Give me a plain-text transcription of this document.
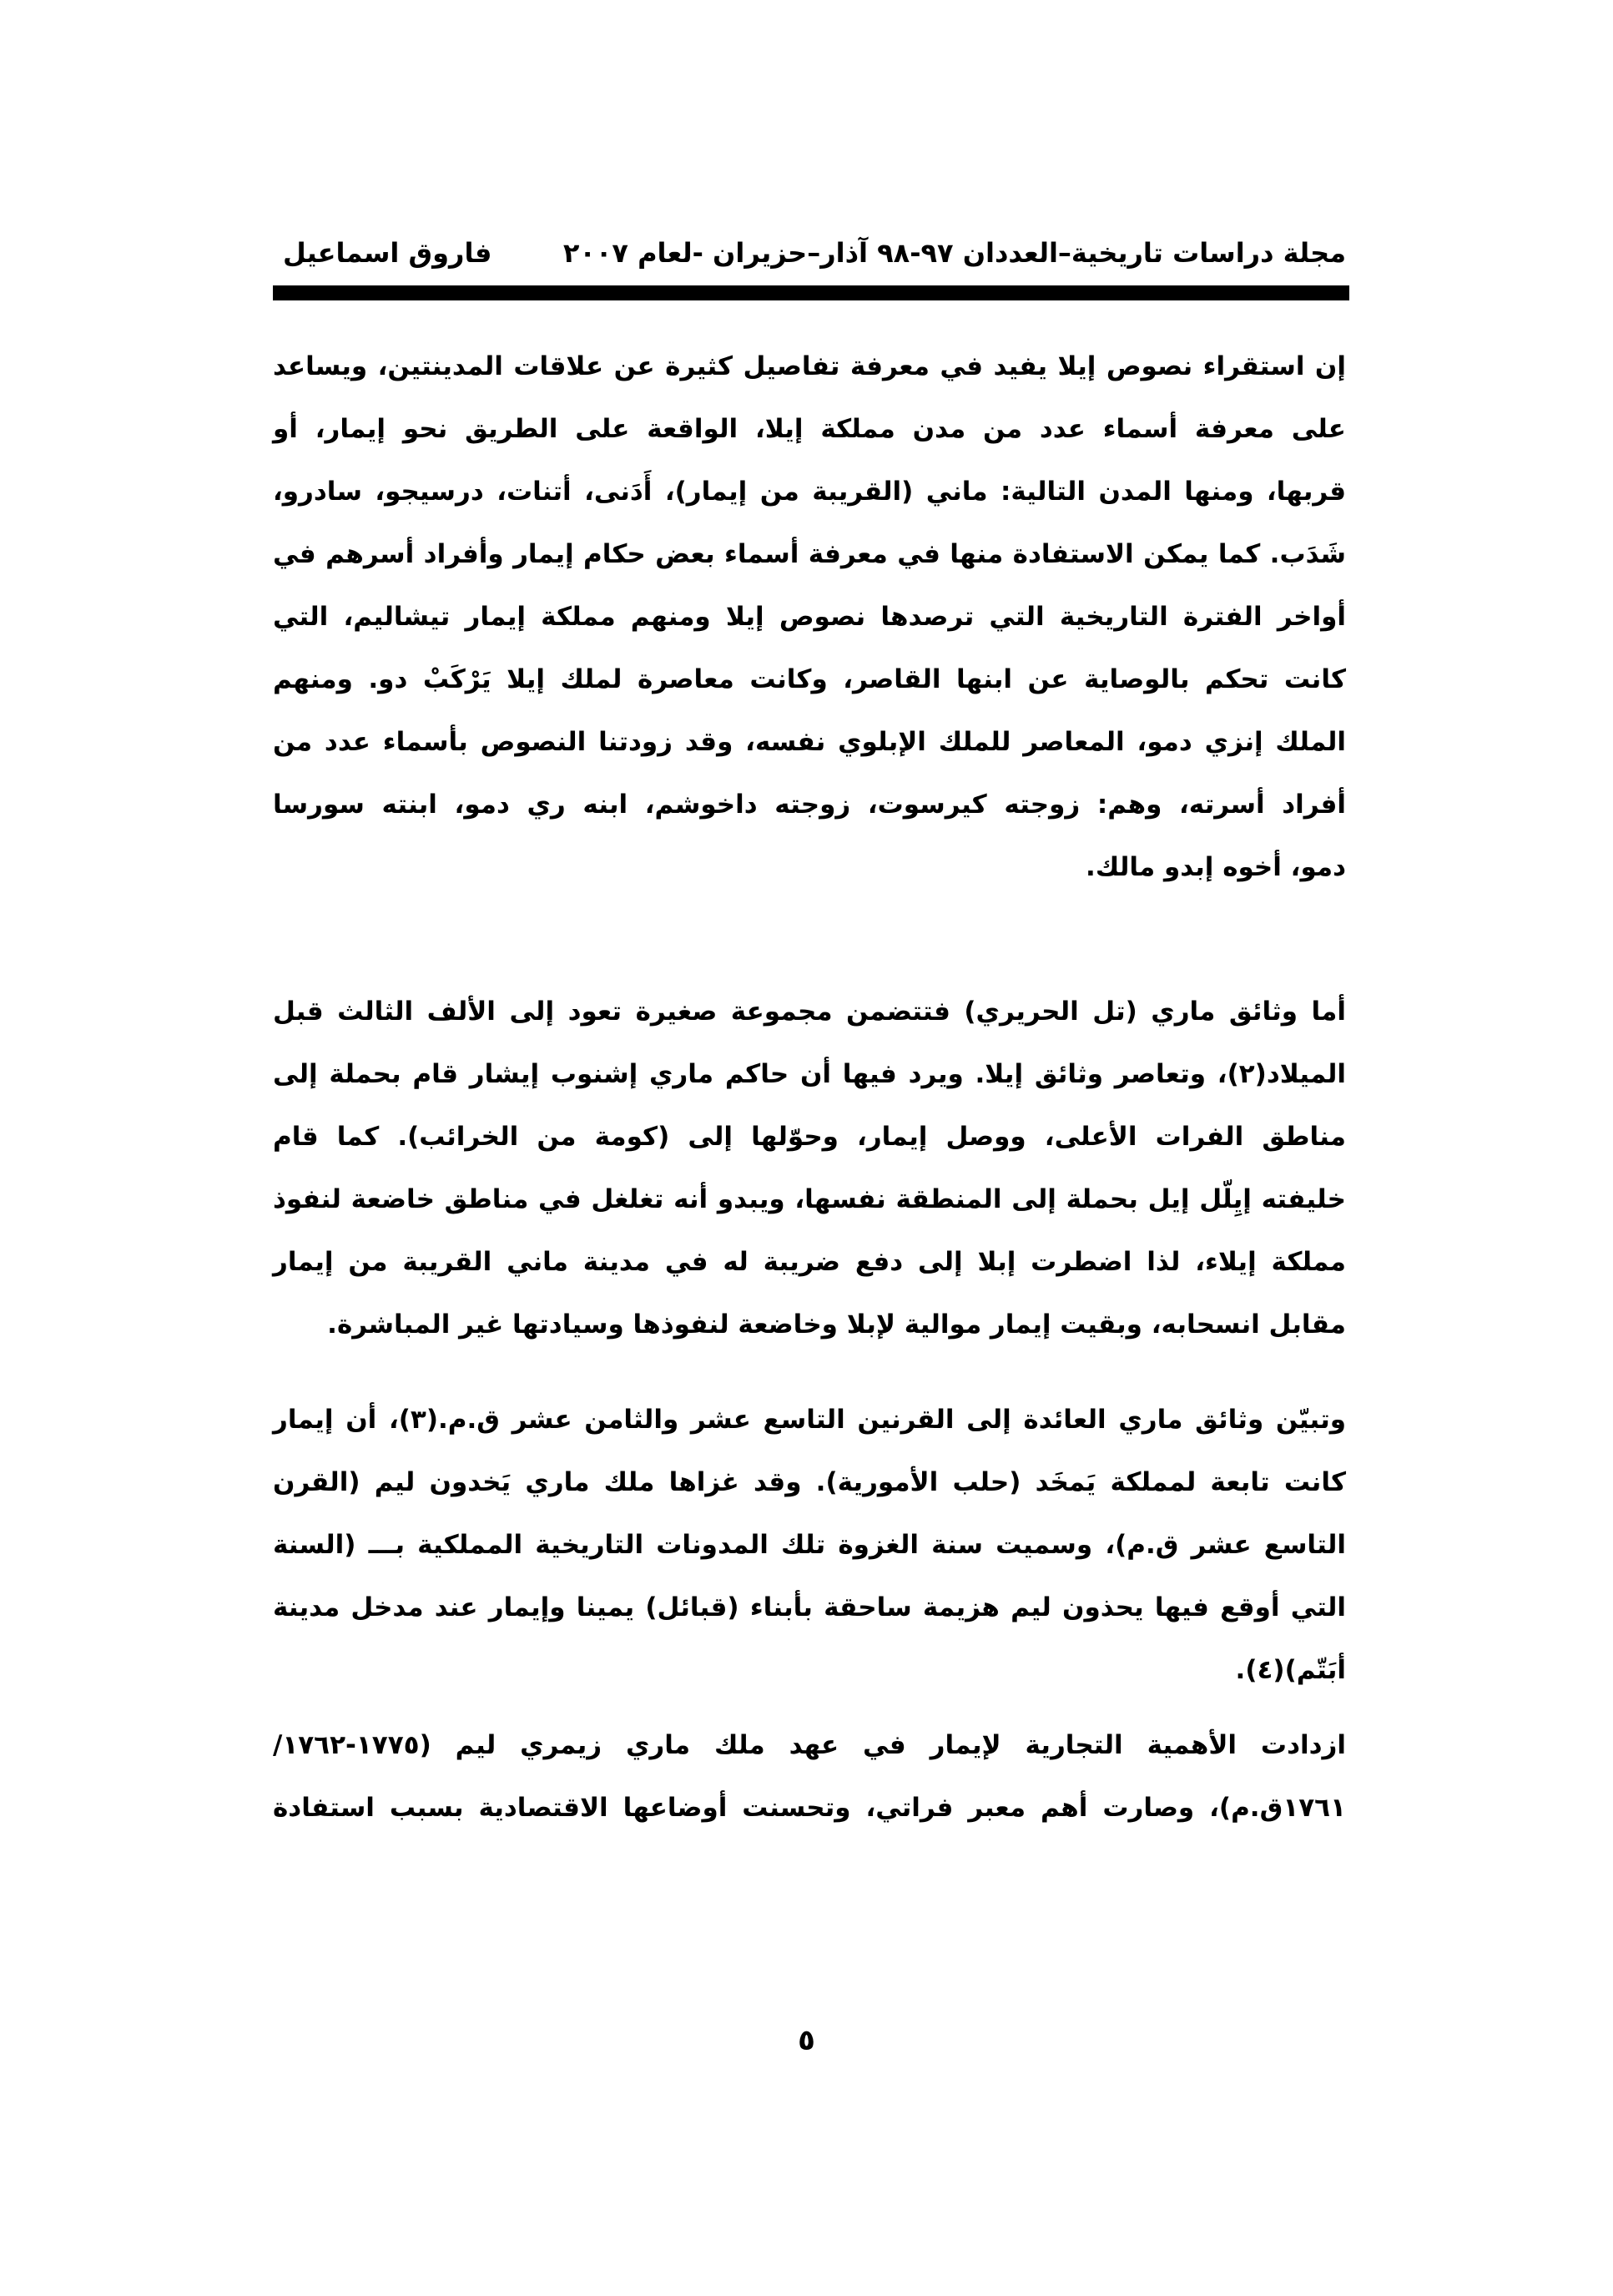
مجلة دراسات تاريخية–العددان ٩٧-٩٨ آذار–حزيران -لعام ٢٠٠٧
فاروق اسماعيل
إن استقراء نصوص إيلا يفيد في معرفة تفاصيل كثيرة عن علاقات المدينتين، ويساعد
على معرفة أسماء عدد من مدن مملكة إيلا، الواقعة على الطريق نحو إيمار، أو
قربها، ومنها المدن التالية: ماني (القريبة من إيمار)، أَدَنى، أتنات، درسيجو، سادرو،
شَدَب. كما يمكن الاستفادة منها في معرفة أسماء بعض حكام إيمار وأفراد أسرهم في
أواخر الفترة التاريخية التي ترصدها نصوص إيلا ومنهم مملكة إيمار تيشاليم، التي
كانت تحكم بالوصاية عن ابنها القاصر، وكانت معاصرة لملك إيلا يَرْكَبْ دو. ومنهم
الملك إنزي دمو، المعاصر للملك الإبلوي نفسه، وقد زودتنا النصوص بأسماء عدد من
أفراد أسرته، وهم: زوجته كيرسوت، زوجته داخوشم، ابنه ري دمو، ابنته سورسا
دمو، أخوه إبدو مالك.
أما وثائق ماري (تل الحريري) فتتضمن مجموعة صغيرة تعود إلى الألف الثالث قبل
الميلاد(٢)، وتعاصر وثائق إيلا. ويرد فيها أن حاكم ماري إشنوب إيشار قام بحملة إلى
مناطق الفرات الأعلى، ووصل إيمار، وحوّلها إلى (كومة من الخرائب). كما قام
خليفته إيِلّل إيل بحملة إلى المنطقة نفسها، ويبدو أنه تغلغل في مناطق خاضعة لنفوذ
مملكة إيلاء، لذا اضطرت إبلا إلى دفع ضريبة له في مدينة ماني القريبة من إيمار
مقابل انسحابه، وبقيت إيمار موالية لإبلا وخاضعة لنفوذها وسيادتها غير المباشرة.
وتبيّن وثائق ماري العائدة إلى القرنين التاسع عشر والثامن عشر ق.م.(٣)، أن إيمار
كانت تابعة لمملكة يَمخَد (حلب الأمورية). وقد غزاها ملك ماري يَخدون ليم (القرن
التاسع عشر ق.م)، وسميت سنة الغزوة تلك المدونات التاريخية المملكية بـــ (السنة
التي أوقع فيها يحذون ليم هزيمة ساحقة بأبناء (قبائل) يمينا وإيمار عند مدخل مدينة
أبَتّم)(٤).
ازدادت الأهمية التجارية لإيمار في عهد ملك ماري زيمري ليم (١٧٧٥-١٧٦٢/
١٧٦١ق.م)، وصارت أهم معبر فراتي، وتحسنت أوضاعها الاقتصادية بسبب استفادة
٥
